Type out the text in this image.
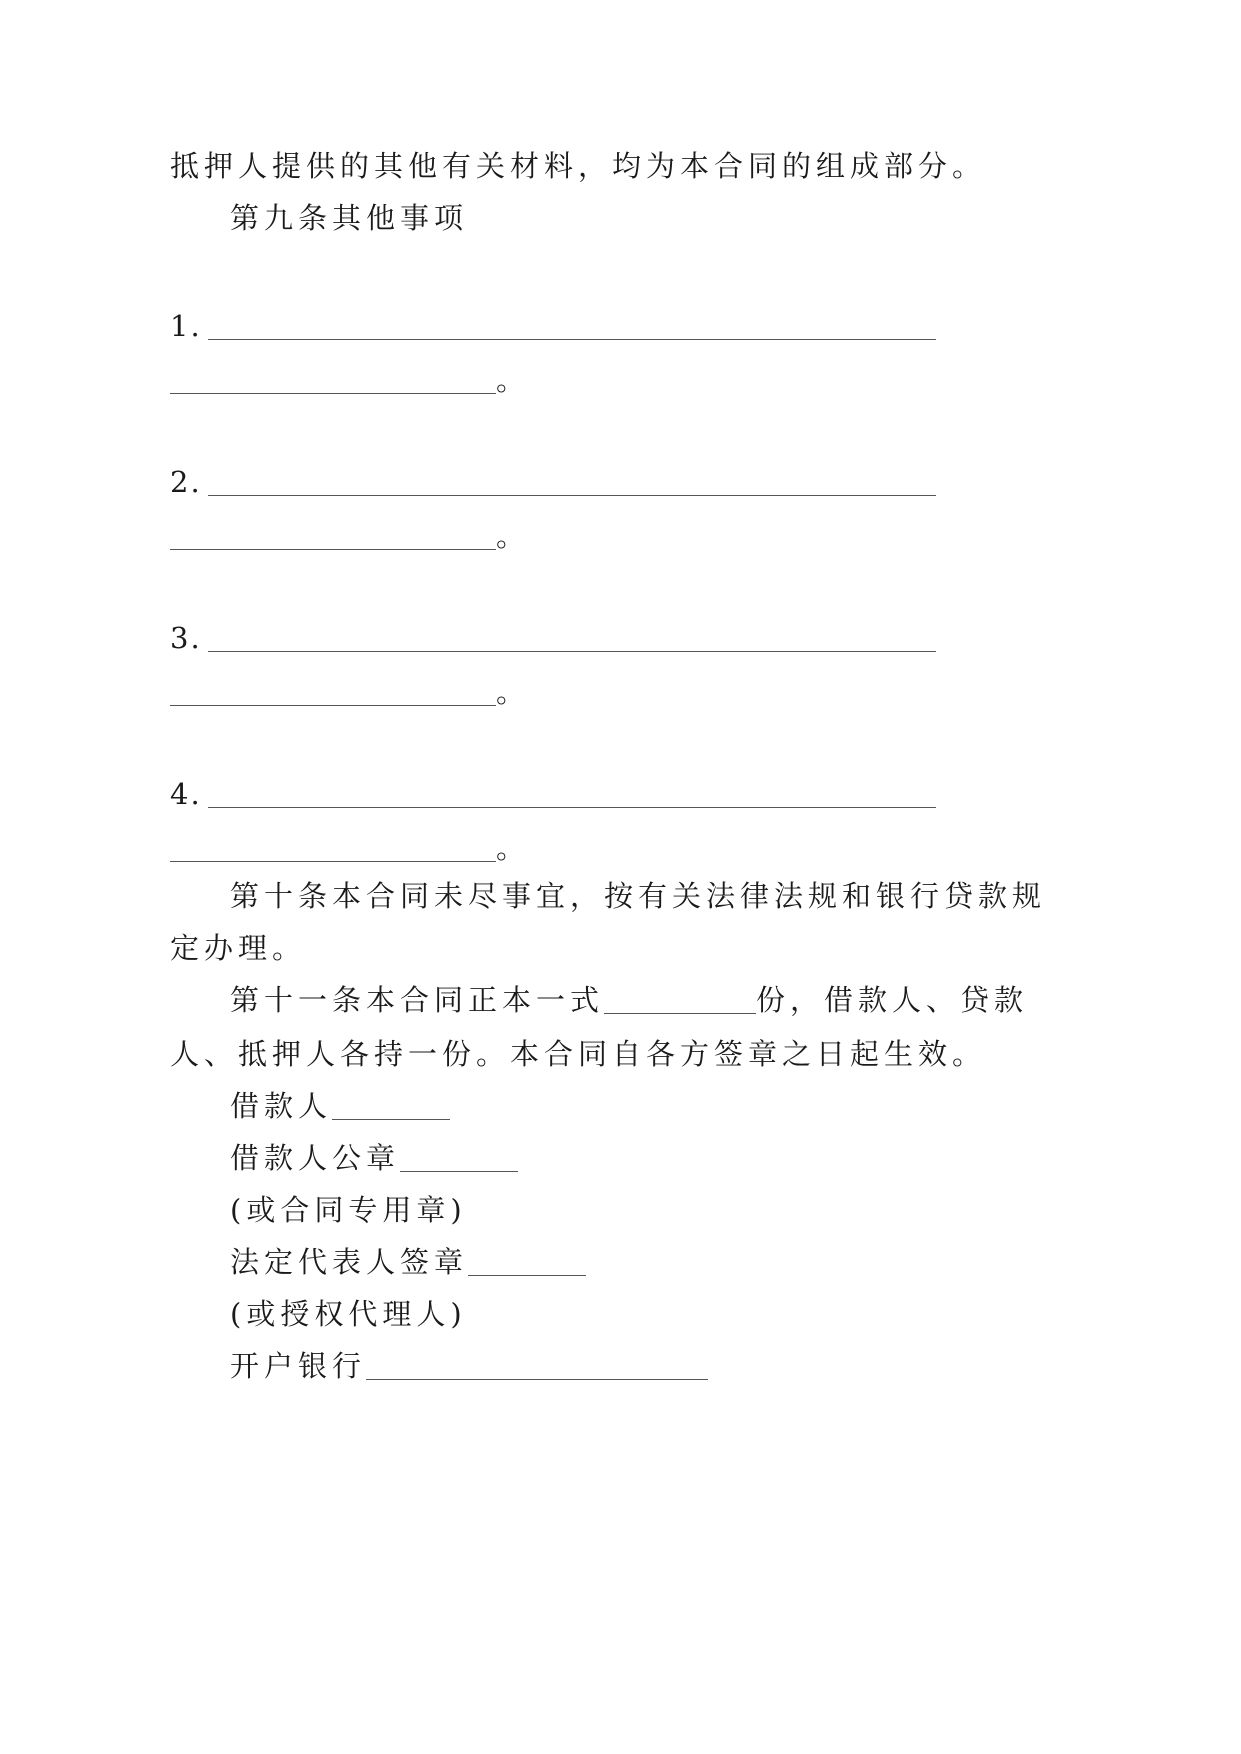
抵押人提供的其他有关材料，均为本合同的组成部分。
第九条其他事项
1.
。
2.
。
3.
。
4.
。
第十条本合同未尽事宜，按有关法律法规和银行贷款规
定办理。
第十一条本合同正本一式	份，借款人、贷款
人、抵押人各持一份。本合同自各方签章之日起生效。
借款人
借款人公章
(或合同专用章)
法定代表人签章
(或授权代理人)
开户银行
